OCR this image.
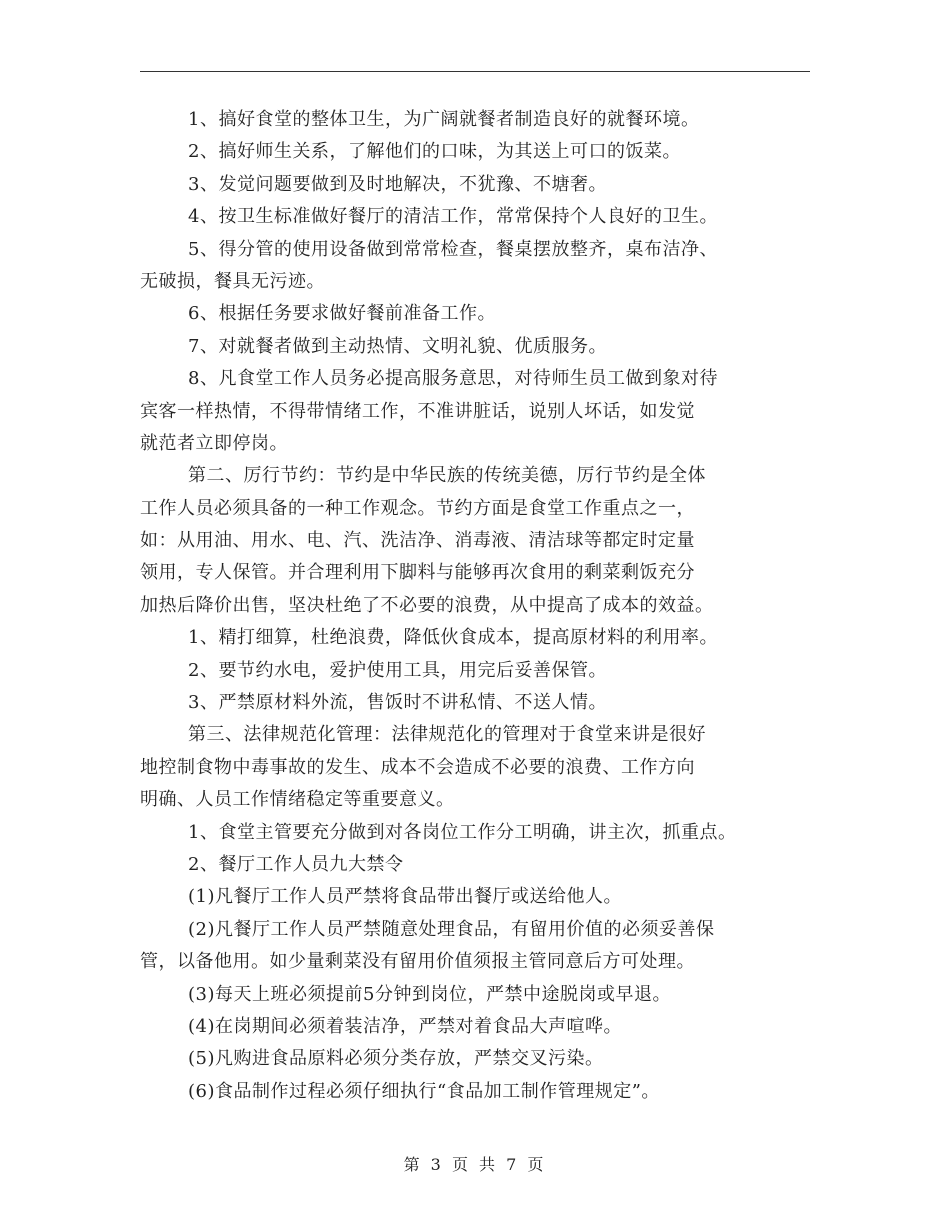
1、搞好食堂的整体卫生，为广阔就餐者制造良好的就餐环境。
2、搞好师生关系，了解他们的口味，为其送上可口的饭菜。
3、发觉问题要做到及时地解决，不犹豫、不塘奢。
4、按卫生标准做好餐厅的清洁工作，常常保持个人良好的卫生。
5、得分管的使用设备做到常常检查，餐桌摆放整齐，桌布洁净、
无破损，餐具无污迹。
6、根据任务要求做好餐前准备工作。
7、对就餐者做到主动热情、文明礼貌、优质服务。
8、凡食堂工作人员务必提高服务意思，对待师生员工做到象对待
宾客一样热情，不得带情绪工作，不准讲脏话，说别人坏话，如发觉
就范者立即停岗。
第二、厉行节约：节约是中华民族的传统美德，厉行节约是全体
工作人员必须具备的一种工作观念。节约方面是食堂工作重点之一，
如：从用油、用水、电、汽、洗洁净、消毒液、清洁球等都定时定量
领用，专人保管。并合理利用下脚料与能够再次食用的剩菜剩饭充分
加热后降价出售，坚决杜绝了不必要的浪费，从中提高了成本的效益。
1、精打细算，杜绝浪费，降低伙食成本，提高原材料的利用率。
2、要节约水电，爱护使用工具，用完后妥善保管。
3、严禁原材料外流，售饭时不讲私情、不送人情。
第三、法律规范化管理：法律规范化的管理对于食堂来讲是很好
地控制食物中毒事故的发生、成本不会造成不必要的浪费、工作方向
明确、人员工作情绪稳定等重要意义。
1、食堂主管要充分做到对各岗位工作分工明确，讲主次，抓重点。
2、餐厅工作人员九大禁令
(1)凡餐厅工作人员严禁将食品带出餐厅或送给他人。
(2)凡餐厅工作人员严禁随意处理食品，有留用价值的必须妥善保
管，以备他用。如少量剩菜没有留用价值须报主管同意后方可处理。
(3)每天上班必须提前5分钟到岗位，严禁中途脱岗或早退。
(4)在岗期间必须着装洁净，严禁对着食品大声喧哗。
(5)凡购进食品原料必须分类存放，严禁交叉污染。
(6)食品制作过程必须仔细执行“食品加工制作管理规定”。
第 3 页 共 7 页
